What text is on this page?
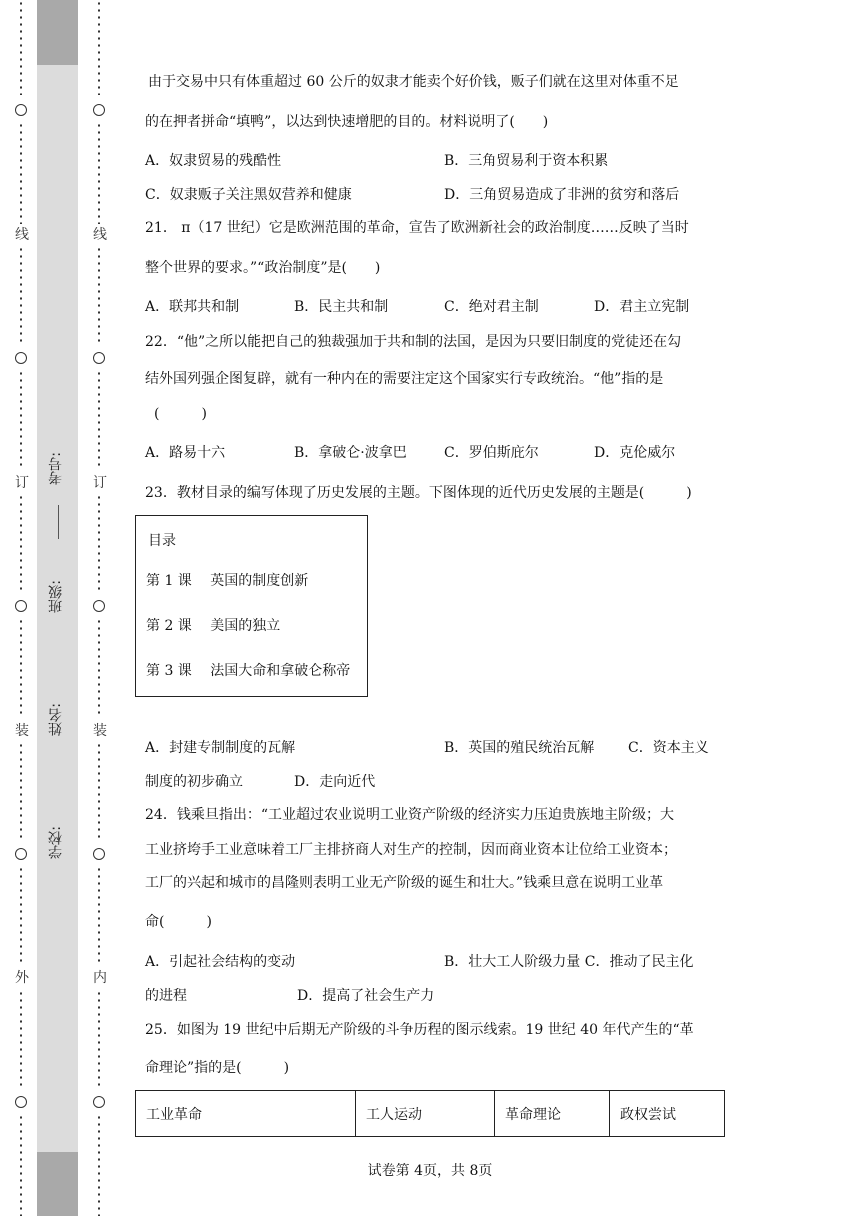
线
订
装
外
考号:
班级:
姓名:
学校:
线
订
装
内
由于交易中只有体重超过 60 公斤的奴隶才能卖个好价钱，贩子们就在这里对体重不足
的在押者拼命“填鸭”，以达到快速增肥的目的。材料说明了(　　)
A．奴隶贸易的残酷性	B．三角贸易利于资本积累
C．奴隶贩子关注黑奴营养和健康	D．三角贸易造成了非洲的贫穷和落后
21． π（17 世纪）它是欧洲范围的革命，宣告了欧洲新社会的政治制度……反映了当时
整个世界的要求。”“政治制度”是(　　)
A．联邦共和制	B．民主共和制	C．绝对君主制	D．君主立宪制
22．“他”之所以能把自己的独裁强加于共和制的法国，是因为只要旧制度的党徒还在勾
结外国列强企图复辟，就有一种内在的需要注定这个国家实行专政统治。“他”指的是
(　　　)
A．路易十六	B．拿破仑·波拿巴	C．罗伯斯庇尔	D．克伦威尔
23．教材目录的编写体现了历史发展的主题。下图体现的近代历史发展的主题是(　　　)
目录
第 1 课　 英国的制度创新
第 2 课　 美国的独立
第 3 课　 法国大命和拿破仑称帝
A．封建专制制度的瓦解	B．英国的殖民统治瓦解 C．资本主义
制度的初步确立	D．走向近代
24．钱乘旦指出：“工业超过农业说明工业资产阶级的经济实力压迫贵族地主阶级；大
工业挤垮手工业意味着工厂主排挤商人对生产的控制，因而商业资本让位给工业资本；
工厂的兴起和城市的昌隆则表明工业无产阶级的诞生和壮大。”钱乘旦意在说明工业革
命(　　　)
A．引起社会结构的变动	B．壮大工人阶级力量 C．推动了民主化
的进程	D．提高了社会生产力
25．如图为 19 世纪中后期无产阶级的斗争历程的图示线索。19 世纪 40 年代产生的“革
命理论”指的是(　　　)
工业革命	工人运动	革命理论	政权尝试
试卷第 4页，共 8页
